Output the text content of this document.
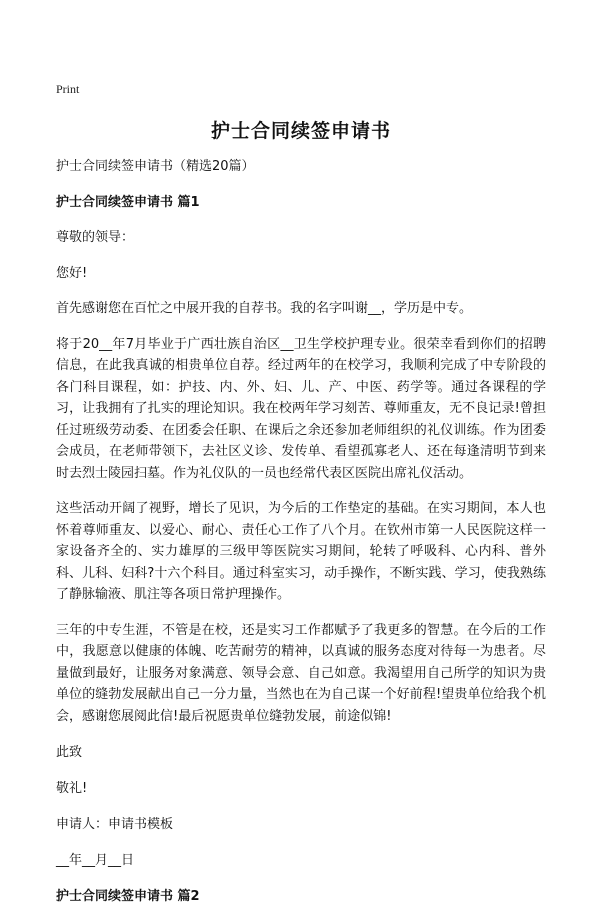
Print
护士合同续签申请书
护士合同续签申请书（精选20篇）
护士合同续签申请书 篇1
尊敬的领导：
您好!
首先感谢您在百忙之中展开我的自荐书。我的名字叫谢__，学历是中专。
将于20__年7月毕业于广西壮族自治区__卫生学校护理专业。很荣幸看到你们的招聘信息，在此我真诚的相贵单位自荐。经过两年的在校学习，我顺利完成了中专阶段的各门科目课程，如：护技、内、外、妇、儿、产、中医、药学等。通过各课程的学习，让我拥有了扎实的理论知识。我在校两年学习刻苦、尊师重友，无不良记录!曾担任过班级劳动委、在团委会任职、在课后之余还参加老师组织的礼仪训练。作为团委会成员，在老师带领下，去社区义诊、发传单、看望孤寡老人、还在每逢清明节到来时去烈士陵园扫墓。作为礼仪队的一员也经常代表区医院出席礼仪活动。
这些活动开阔了视野，增长了见识，为今后的工作垫定的基础。在实习期间，本人也怀着尊师重友、以爱心、耐心、责任心工作了八个月。在钦州市第一人民医院这样一家设备齐全的、实力雄厚的三级甲等医院实习期间，轮转了呼吸科、心内科、普外科、儿科、妇科?十六个科目。通过科室实习，动手操作，不断实践、学习，使我熟练了静脉输液、肌注等各项日常护理操作。
三年的中专生涯，不管是在校，还是实习工作都赋予了我更多的智慧。在今后的工作中，我愿意以健康的体魄、吃苦耐劳的精神，以真诚的服务态度对待每一为患者。尽量做到最好，让服务对象满意、领导会意、自己如意。我渴望用自己所学的知识为贵单位的缝勃发展献出自己一分力量，当然也在为自己谋一个好前程!望贵单位给我个机会，感谢您展阅此信!最后祝愿贵单位缝勃发展，前途似锦!
此致
敬礼!
申请人：申请书模板
__年__月__日
护士合同续签申请书 篇2
